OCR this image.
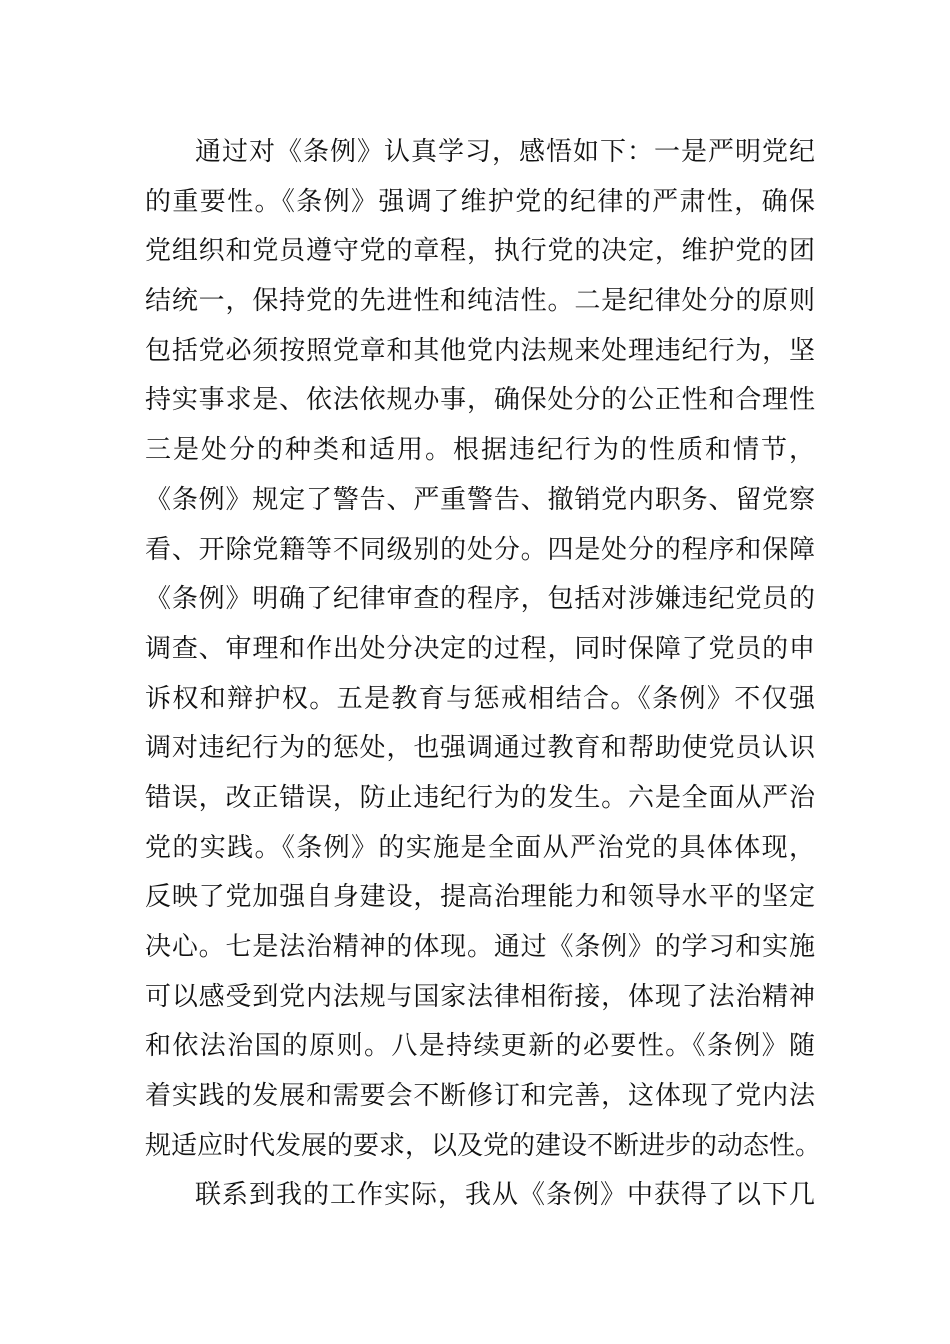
通过对《条例》认真学习，感悟如下：一是严明党纪
的重要性。《条例》强调了维护党的纪律的严肃性，确保
党组织和党员遵守党的章程，执行党的决定，维护党的团
结统一，保持党的先进性和纯洁性。二是纪律处分的原则
包括党必须按照党章和其他党内法规来处理违纪行为，坚
持实事求是、依法依规办事，确保处分的公正性和合理性
三是处分的种类和适用。根据违纪行为的性质和情节，
《条例》规定了警告、严重警告、撤销党内职务、留党察
看、开除党籍等不同级别的处分。四是处分的程序和保障
《条例》明确了纪律审查的程序，包括对涉嫌违纪党员的
调查、审理和作出处分决定的过程，同时保障了党员的申
诉权和辩护权。五是教育与惩戒相结合。《条例》不仅强
调对违纪行为的惩处，也强调通过教育和帮助使党员认识
错误，改正错误，防止违纪行为的发生。六是全面从严治
党的实践。《条例》的实施是全面从严治党的具体体现，
反映了党加强自身建设，提高治理能力和领导水平的坚定
决心。七是法治精神的体现。通过《条例》的学习和实施
可以感受到党内法规与国家法律相衔接，体现了法治精神
和依法治国的原则。八是持续更新的必要性。《条例》随
着实践的发展和需要会不断修订和完善，这体现了党内法
规适应时代发展的要求，以及党的建设不断进步的动态性。
联系到我的工作实际，我从《条例》中获得了以下几
